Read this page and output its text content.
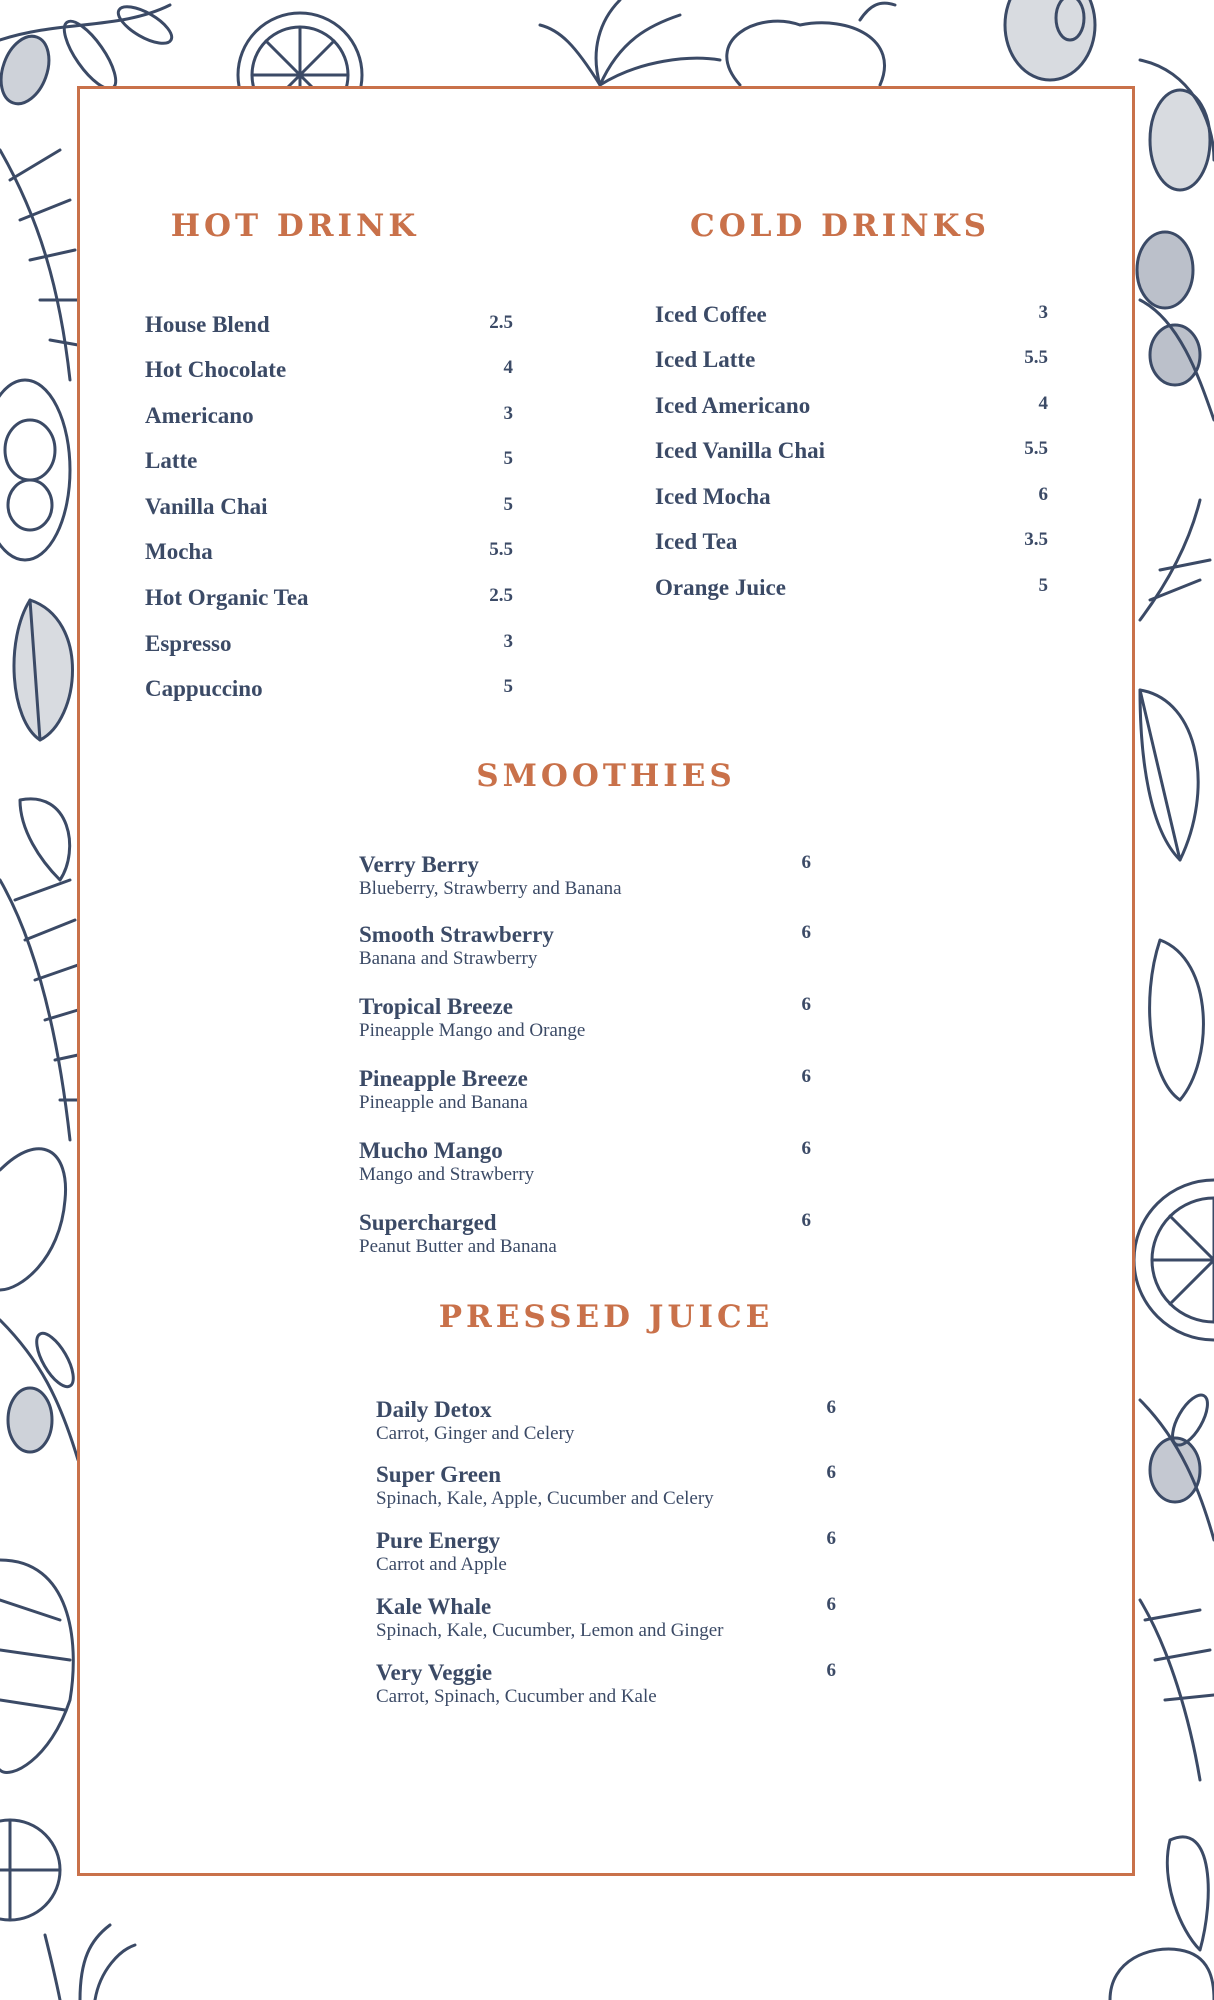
HOT DRINK
House Blend	2.5
Hot Chocolate	4
Americano	3
Latte	5
Vanilla Chai	5
Mocha	5.5
Hot Organic Tea	2.5
Espresso	3
Cappuccino	5
COLD DRINKS
Iced Coffee	3
Iced Latte	5.5
Iced Americano	4
Iced Vanilla Chai	5.5
Iced Mocha	6
Iced Tea	3.5
Orange Juice	5
SMOOTHIES
Verry Berry	6
Blueberry, Strawberry and Banana
Smooth Strawberry	6
Banana and Strawberry
Tropical Breeze	6
Pineapple Mango and Orange
Pineapple Breeze	6
Pineapple and Banana
Mucho Mango	6
Mango and Strawberry
Supercharged	6
Peanut Butter and Banana
PRESSED JUICE
Daily Detox	6
Carrot, Ginger and Celery
Super Green	6
Spinach, Kale, Apple, Cucumber and Celery
Pure Energy	6
Carrot and Apple
Kale Whale	6
Spinach, Kale, Cucumber, Lemon and Ginger
Very Veggie	6
Carrot, Spinach, Cucumber and Kale
